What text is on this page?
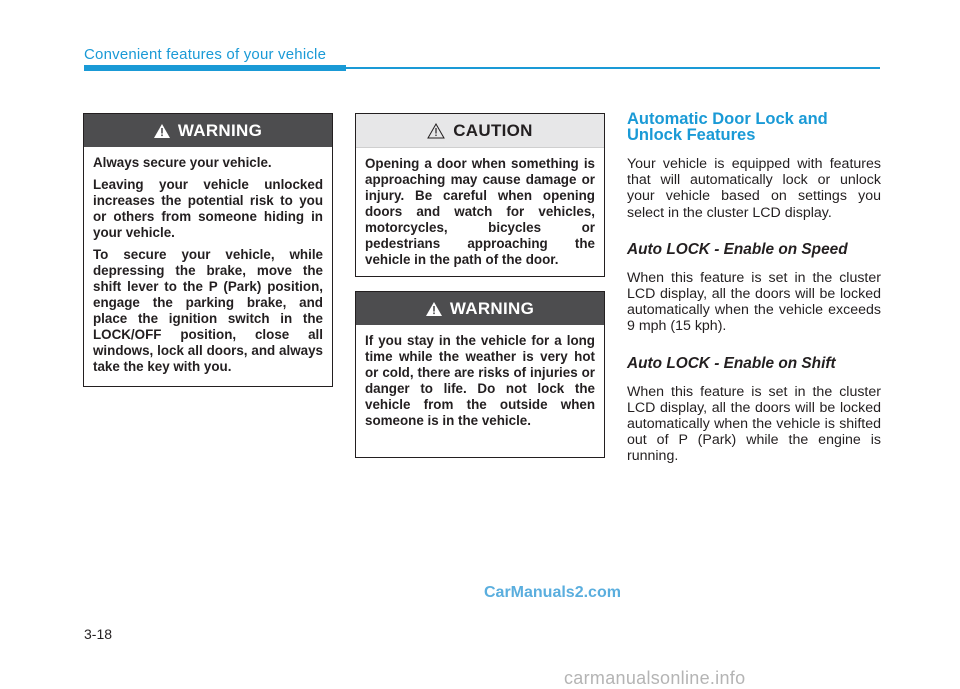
Convenient features of your vehicle
WARNING

Always secure your vehicle.

Leaving your vehicle unlocked increases the potential risk to you or others from someone hiding in your vehicle.

To secure your vehicle, while depressing the brake, move the shift lever to the P (Park) position, engage the parking brake, and place the ignition switch in the LOCK/OFF position, close all windows, lock all doors, and always take the key with you.

CAUTION

Opening a door when something is approaching may cause damage or injury. Be careful when opening doors and watch for vehicles, motorcycles, bicycles or pedestrians approaching the vehicle in the path of the door.

WARNING

If you stay in the vehicle for a long time while the weather is very hot or cold, there are risks of injuries or danger to life. Do not lock the vehicle from the outside when someone is in the vehicle.

Automatic Door Lock and Unlock Features

Your vehicle is equipped with features that will automatically lock or unlock your vehicle based on settings you select in the cluster LCD display.

Auto LOCK - Enable on Speed

When this feature is set in the cluster LCD display, all the doors will be locked automatically when the vehicle exceeds 9 mph (15 kph).

Auto LOCK - Enable on Shift

When this feature is set in the cluster LCD display, all the doors will be locked automatically when the vehicle is shifted out of P (Park) while the engine is running.

CarManuals2.com
3-18
carmanualsonline.info
